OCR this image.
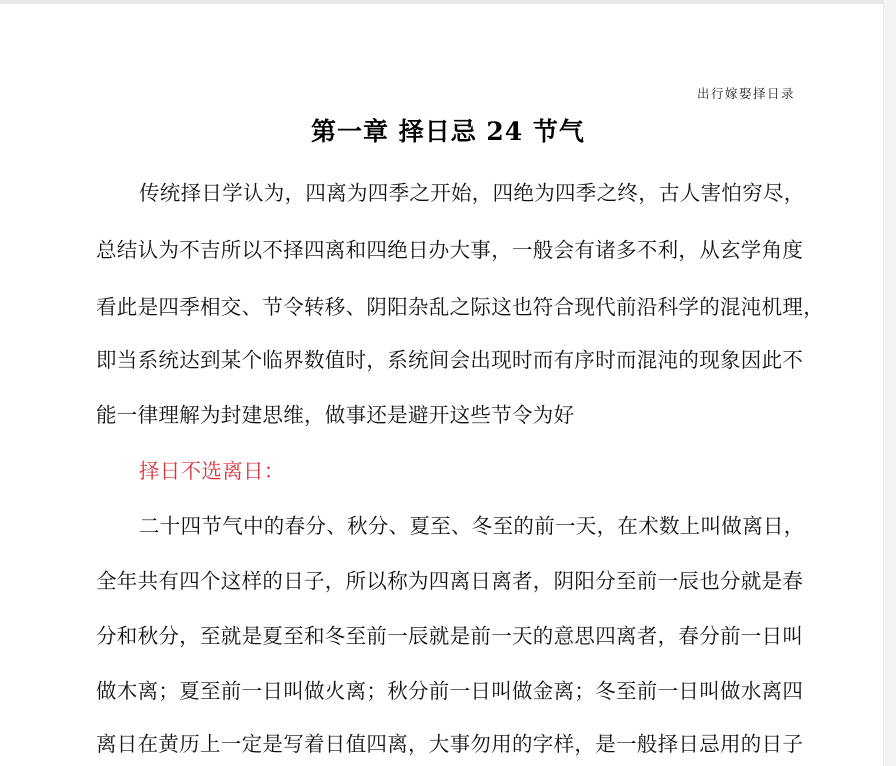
出行嫁娶择日录
第一章 择日忌 24 节气
传统择日学认为，四离为四季之开始，四绝为四季之终，古人害怕穷尽，
总结认为不吉所以不择四离和四绝日办大事，一般会有诸多不利，从玄学角度
看此是四季相交、节令转移、阴阳杂乱之际这也符合现代前沿科学的混沌机理，
即当系统达到某个临界数值时，系统间会出现时而有序时而混沌的现象因此不
能一律理解为封建思维，做事还是避开这些节令为好
择日不选离日：
二十四节气中的春分、秋分、夏至、冬至的前一天，在术数上叫做离日，
全年共有四个这样的日子，所以称为四离日离者，阴阳分至前一辰也分就是春
分和秋分，至就是夏至和冬至前一辰就是前一天的意思四离者，春分前一日叫
做木离；夏至前一日叫做火离；秋分前一日叫做金离；冬至前一日叫做水离四
离日在黄历上一定是写着日值四离，大事勿用的字样，是一般择日忌用的日子
